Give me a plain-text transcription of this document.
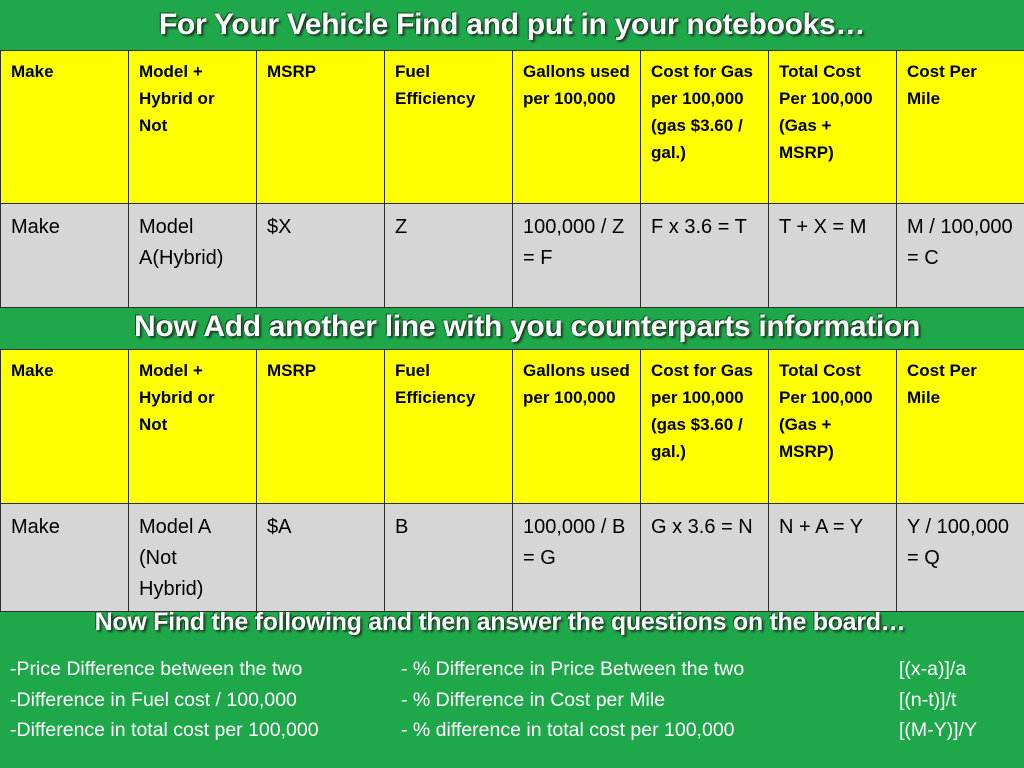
For Your Vehicle Find and put in your notebooks…
Make	Model + Hybrid or Not	MSRP	Fuel Efficiency	Gallons used per 100,000	Cost for Gas per 100,000 (gas $3.60 / gal.)	Total Cost Per 100,000 (Gas + MSRP)	Cost Per Mile
Make	Model A(Hybrid)	$X	Z	100,000 / Z = F	F x 3.6 = T	T + X = M	M / 100,000 = C
Now Add another line with you counterparts information
Make	Model + Hybrid or Not	MSRP	Fuel Efficiency	Gallons used per 100,000	Cost for Gas per 100,000 (gas $3.60 / gal.)	Total Cost Per 100,000 (Gas + MSRP)	Cost Per Mile
Make	Model A (Not Hybrid)	$A	B	100,000 / B = G	G x 3.6 = N	N + A = Y	Y / 100,000 = Q
Now Find the following and then answer the questions on the board…
-Price Difference between the two	- % Difference in Price Between the two	[(x-a)]/a
-Difference in Fuel cost / 100,000	- % Difference in Cost per Mile	[(n-t)]/t
-Difference in total cost per 100,000	- % difference in total cost per 100,000	[(M-Y)]/Y
